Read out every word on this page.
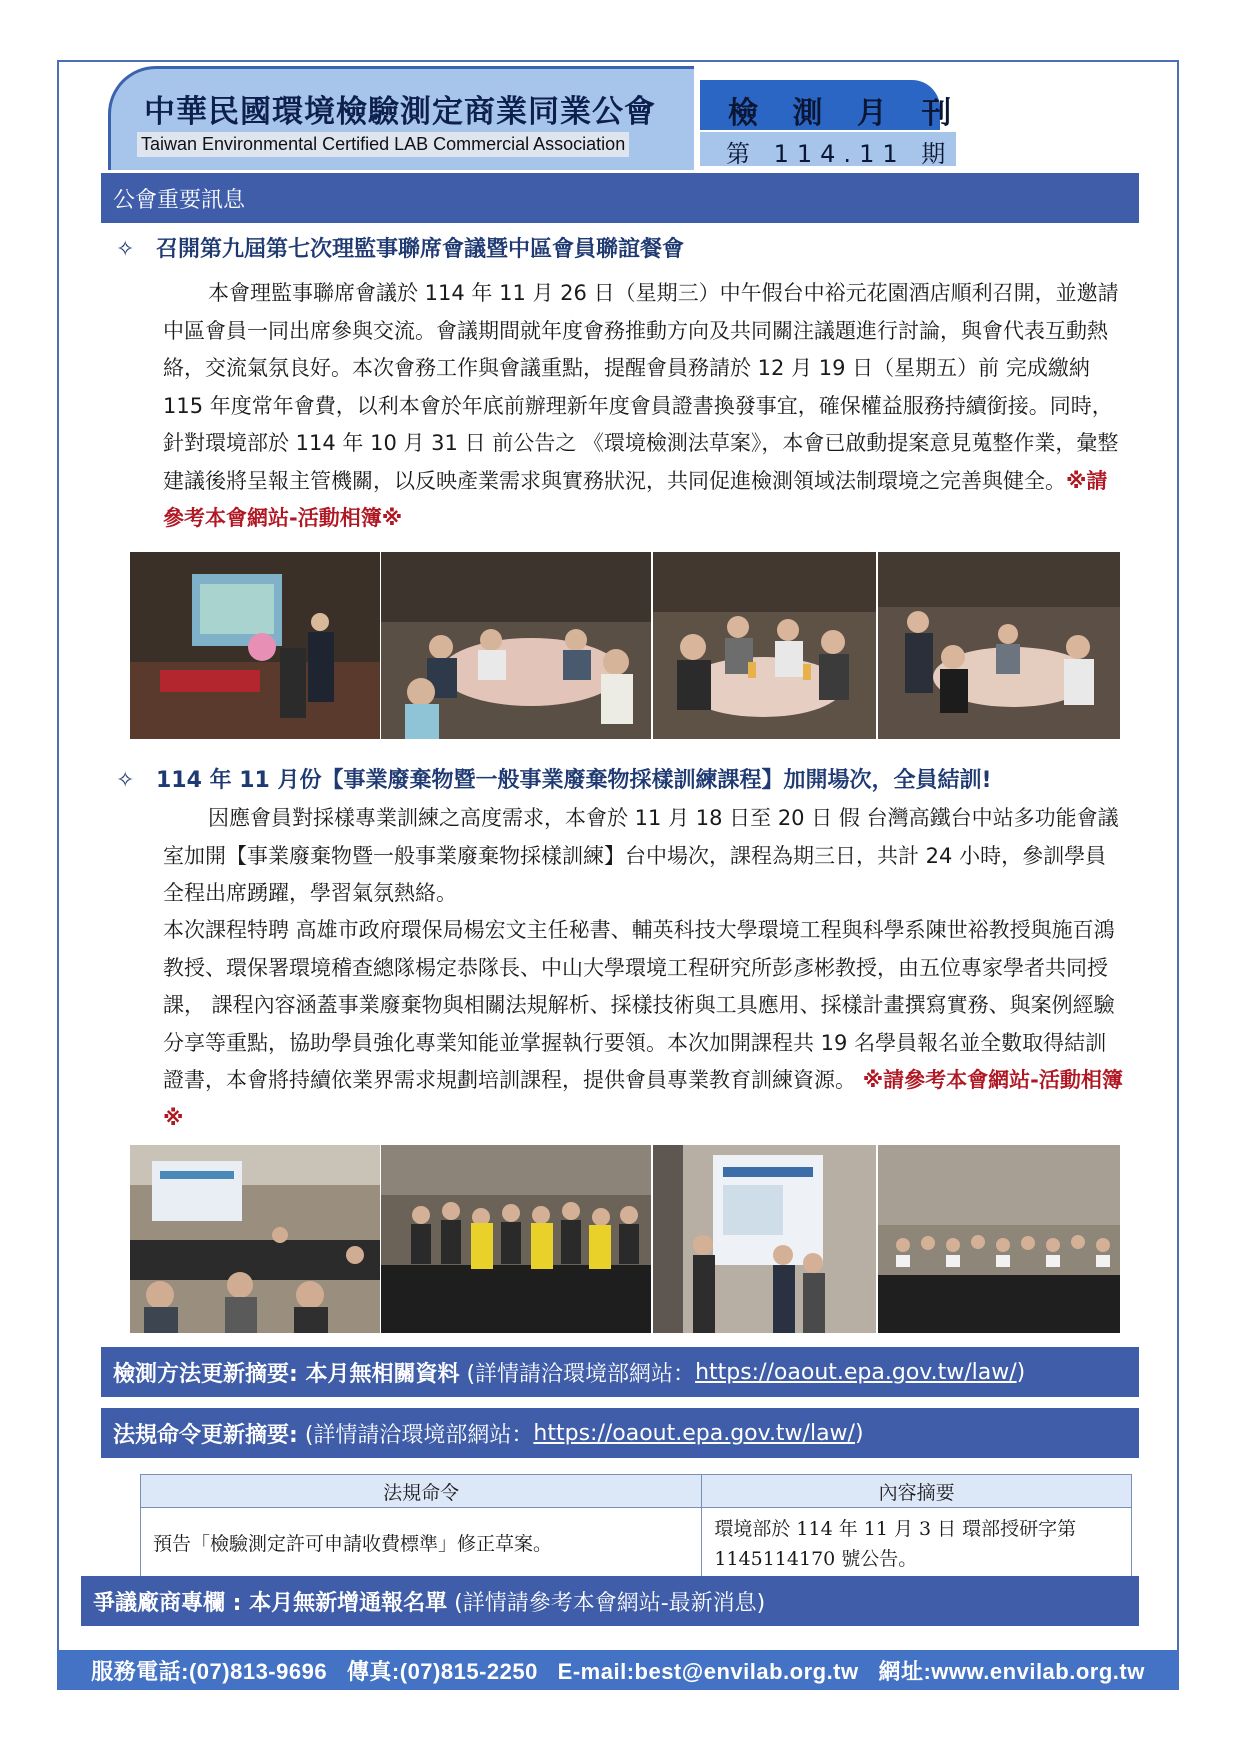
中華民國環境檢驗測定商業同業公會
Taiwan Environmental Certified LAB Commercial Association
檢 測 月 刊
第 114.11 期
公會重要訊息
✧ 召開第九屆第七次理監事聯席會議暨中區會員聯誼餐會
本會理監事聯席會議於 114 年 11 月 26 日（星期三）中午假台中裕元花園酒店順利召開，並邀請中區會員一同出席參與交流。會議期間就年度會務推動方向及共同關注議題進行討論，與會代表互動熱絡，交流氣氛良好。本次會務工作與會議重點，提醒會員務請於 12 月 19 日（星期五）前 完成繳納 115 年度常年會費，以利本會於年底前辦理新年度會員證書換發事宜，確保權益服務持續銜接。同時，針對環境部於 114 年 10 月 31 日 前公告之 《環境檢測法草案》，本會已啟動提案意見蒐整作業，彙整建議後將呈報主管機關，以反映產業需求與實務狀況，共同促進檢測領域法制環境之完善與健全。※請參考本會網站-活動相簿※
✧ 114 年 11 月份【事業廢棄物暨一般事業廢棄物採樣訓練課程】加開場次，全員結訓!
因應會員對採樣專業訓練之高度需求，本會於 11 月 18 日至 20 日 假 台灣高鐵台中站多功能會議室加開【事業廢棄物暨一般事業廢棄物採樣訓練】台中場次，課程為期三日，共計 24 小時，參訓學員全程出席踴躍，學習氣氛熱絡。
本次課程特聘 高雄市政府環保局楊宏文主任秘書、輔英科技大學環境工程與科學系陳世裕教授與施百鴻教授、環保署環境稽查總隊楊定恭隊長、中山大學環境工程研究所彭彥彬教授，由五位專家學者共同授課， 課程內容涵蓋事業廢棄物與相關法規解析、採樣技術與工具應用、採樣計畫撰寫實務、與案例經驗分享等重點，協助學員強化專業知能並掌握執行要領。本次加開課程共 19 名學員報名並全數取得結訓證書，本會將持續依業界需求規劃培訓課程，提供會員專業教育訓練資源。 ※請參考本會網站-活動相簿※
檢測方法更新摘要: 本月無相關資料
(詳情請洽環境部網站： https://oaout.epa.gov.tw/law/ )
法規命令更新摘要:
(詳情請洽環境部網站： https://oaout.epa.gov.tw/law/ )
法規命令	內容摘要
預告「檢驗測定許可申請收費標準」修正草案。	環境部於 114 年 11 月 3 日 環部授研字第 1145114170 號公告。
爭議廠商專欄 : 本月無新增通報名單
(詳情請參考本會網站-最新消息)
服務電話:(07)813-9696   傳真:(07)815-2250   E-mail:best@envilab.org.tw   網址:www.envilab.org.tw
